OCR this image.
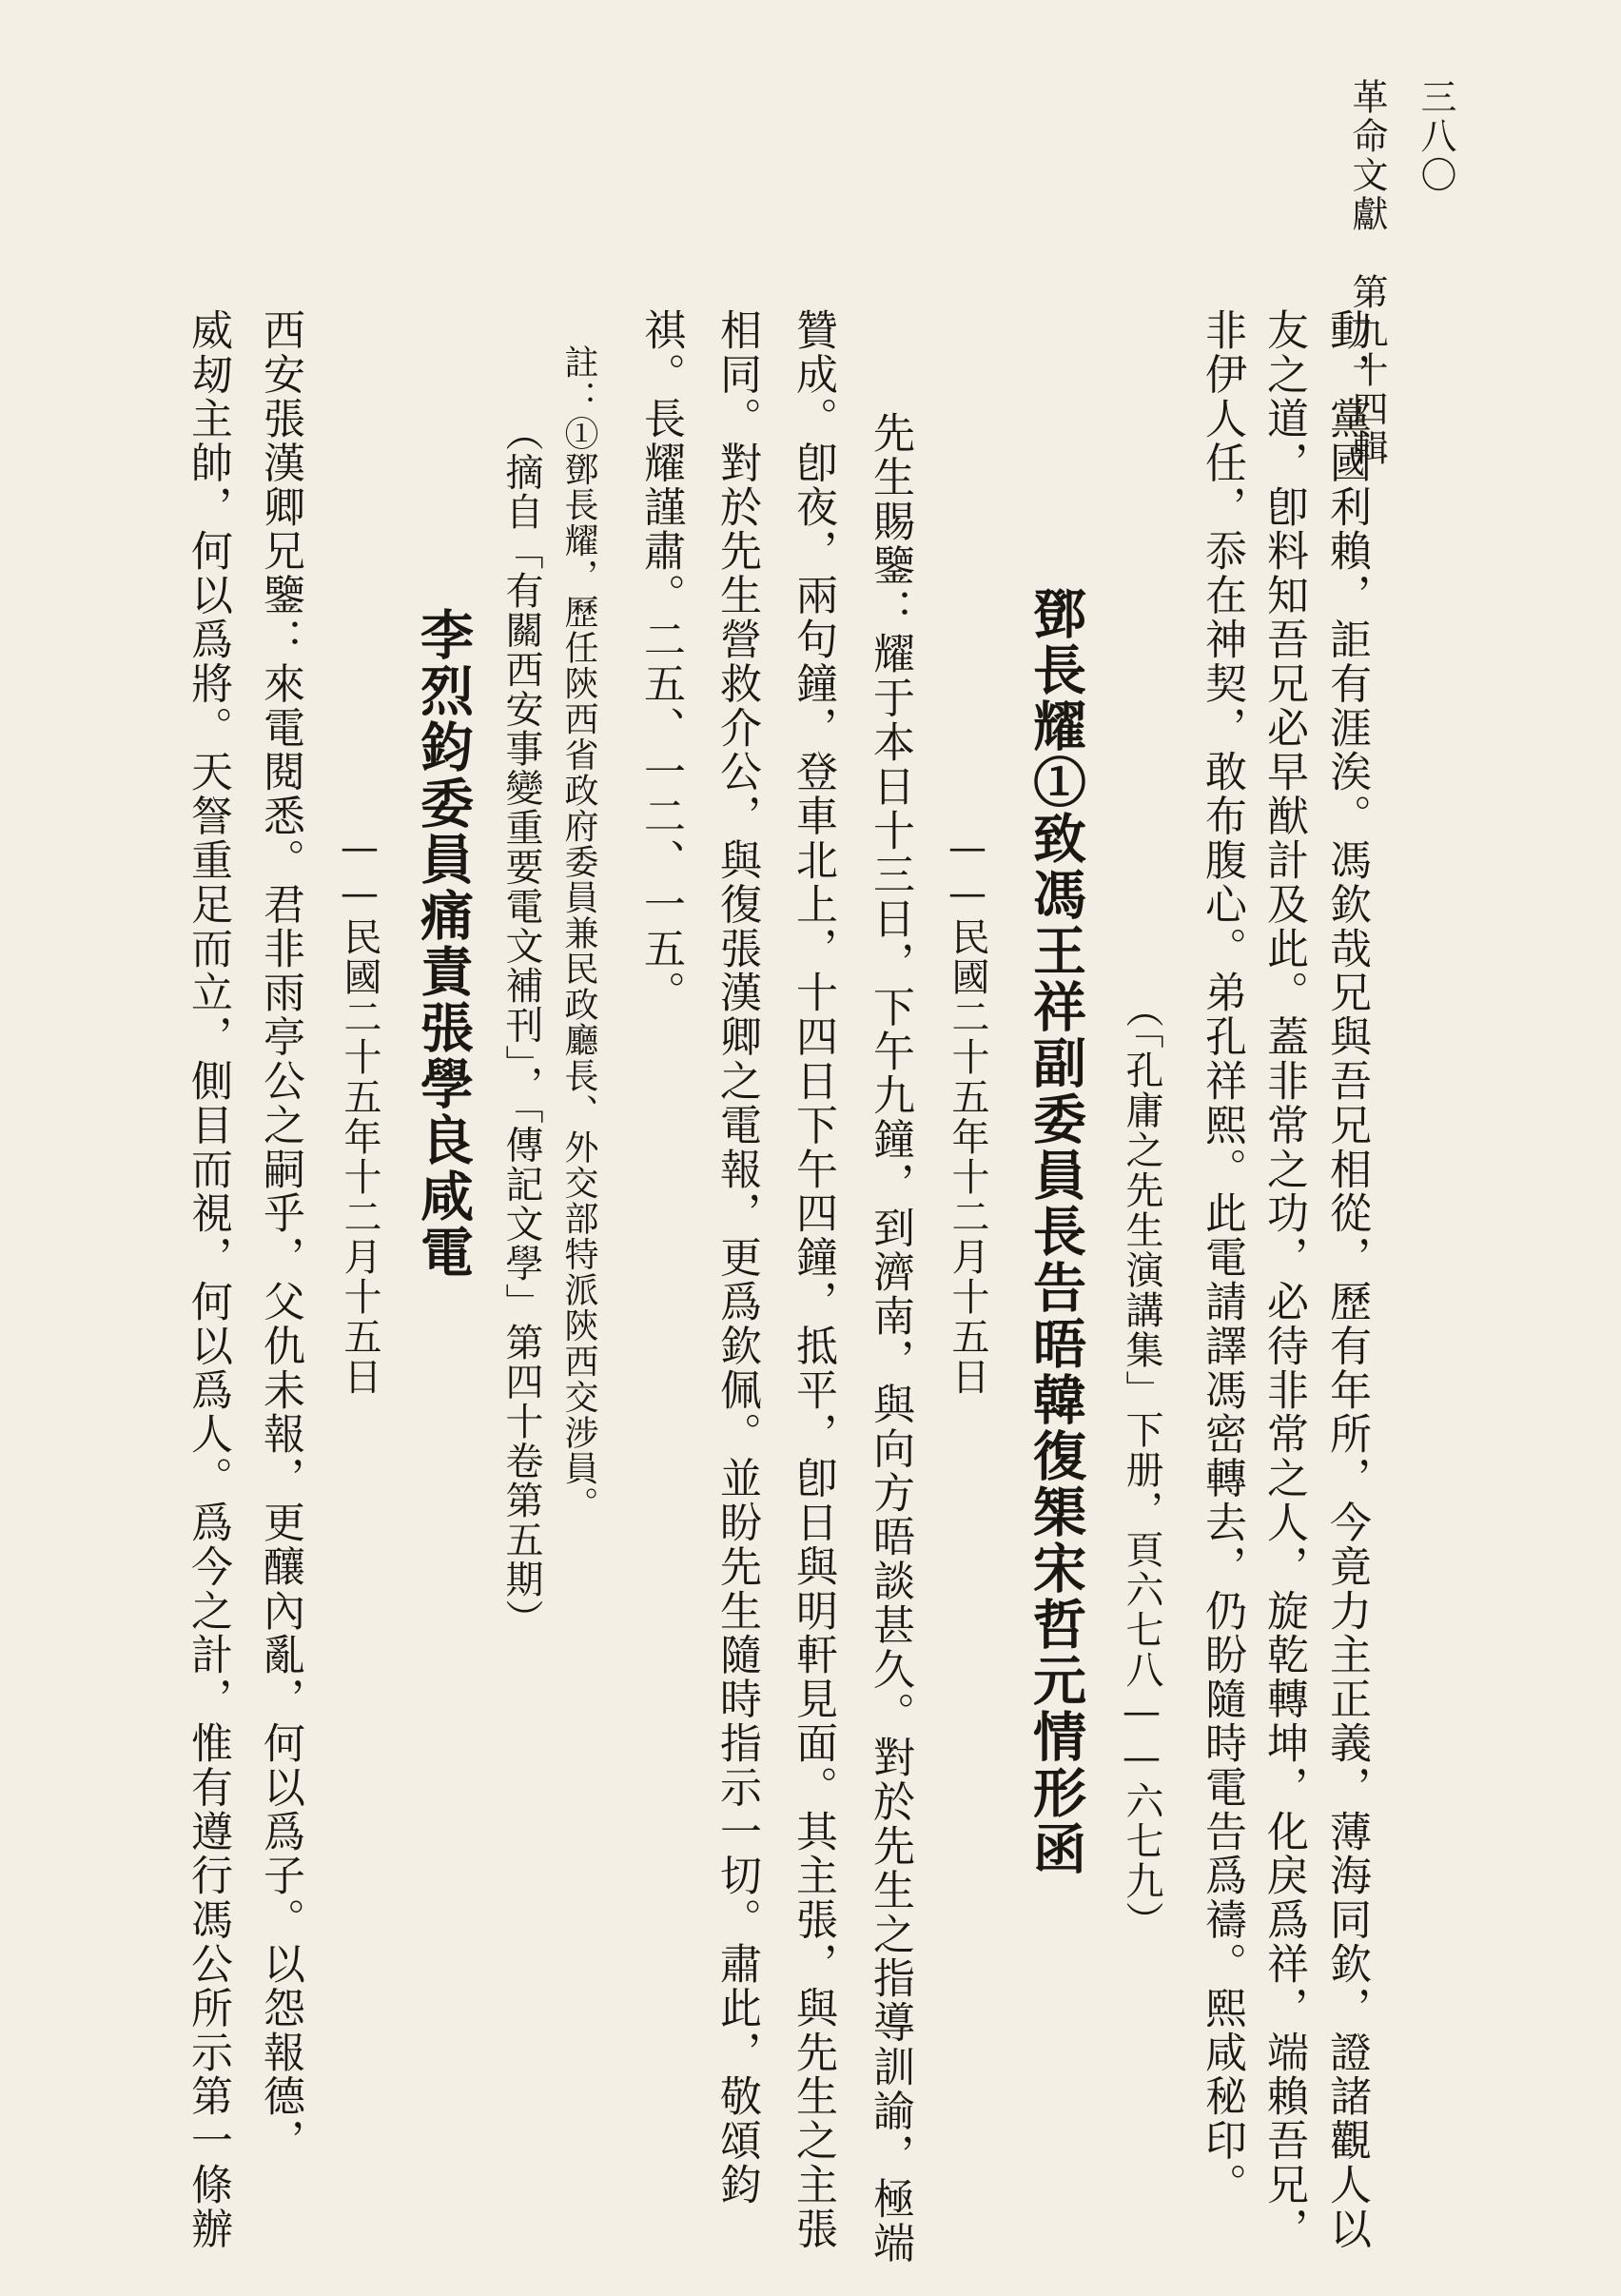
革命文獻　第九十四輯 三八〇
動，黨國利賴，詎有涯涘。馮欽哉兄與吾兄相從，歷有年所，今竟力主正義，薄海同欽，證諸觀人以
友之道，卽料知吾兄必早猷計及此。蓋非常之功，必待非常之人，旋乾轉坤，化戾爲祥，端賴吾兄，
非伊人任，忝在神契，敢布腹心。弟孔祥熙。此電請譯馮密轉去，仍盼隨時電告爲禱。熙咸秘印。
（「孔庸之先生演講集」下册，頁六七八——六七九）
鄧長耀①致馮王祥副委員長告晤韓復榘宋哲元情形函
——民國二十五年十二月十五日
先生賜鑒：耀于本日十三日，下午九鐘，到濟南，與向方晤談甚久。對於先生之指導訓諭，極端
贊成。卽夜，兩句鐘，登車北上，十四日下午四鐘，抵平，卽日與明軒見面。其主張，與先生之主張
相同。對於先生營救介公，與復張漢卿之電報，更爲欽佩。並盼先生隨時指示一切。肅此，敬頌鈞
祺。長耀謹肅。二五、一二、一五。
註：①鄧長耀，歷任陝西省政府委員兼民政廳長、外交部特派陝西交涉員。
（摘自「有關西安事變重要電文補刊」，「傳記文學」第四十卷第五期）
李烈鈞委員痛責張學良咸電
——民國二十五年十二月十五日
西安張漢卿兄鑒：來電閱悉。君非雨亭公之嗣乎，父仇未報，更釀內亂，何以爲子。以怨報德，
威刼主帥，何以爲將。天詧重足而立，側目而視，何以爲人。爲今之計，惟有遵行馮公所示第一條辦
